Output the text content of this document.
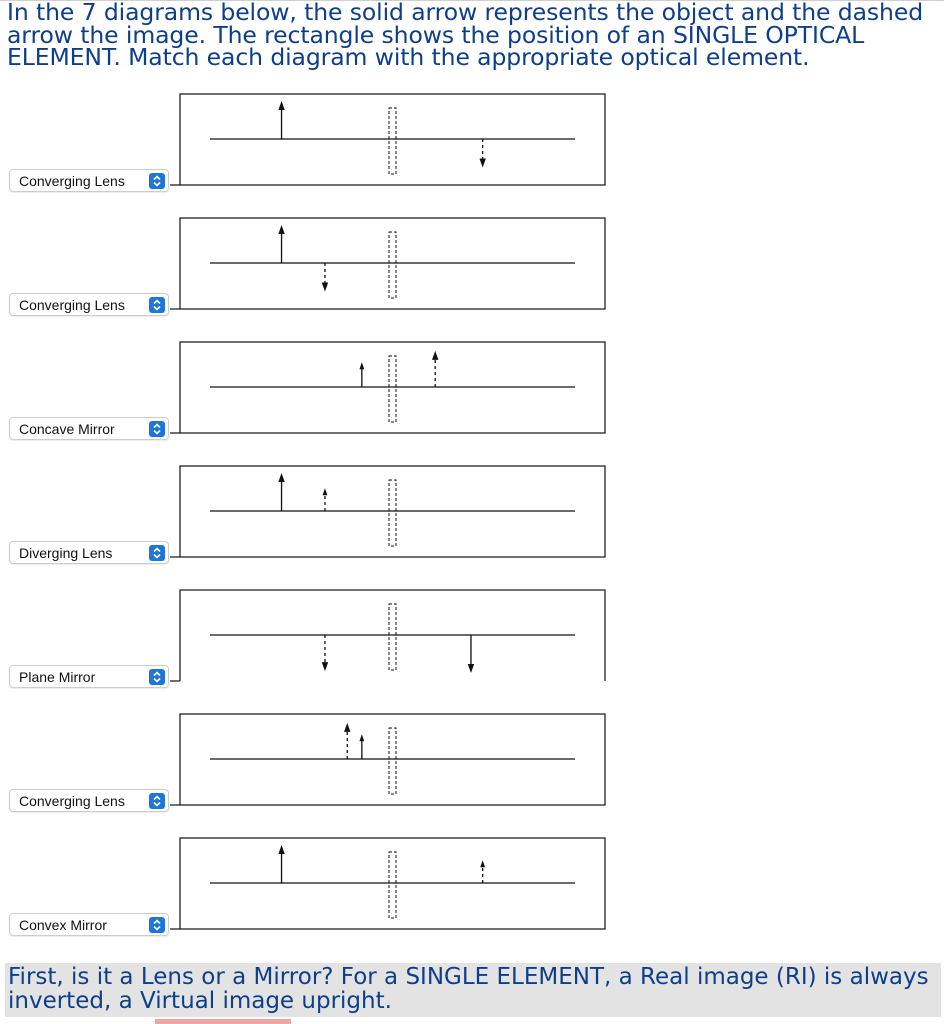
In the 7 diagrams below, the solid arrow represents the object and the dashed arrow the image. The rectangle shows the position of an SINGLE OPTICAL ELEMENT. Match each diagram with the appropriate optical element.

Converging Lens
Converging Lens
Concave Mirror
Diverging Lens
Plane Mirror
Converging Lens
Convex Mirror

First, is it a Lens or a Mirror? For a SINGLE ELEMENT, a Real image (RI) is always inverted, a Virtual image upright.
